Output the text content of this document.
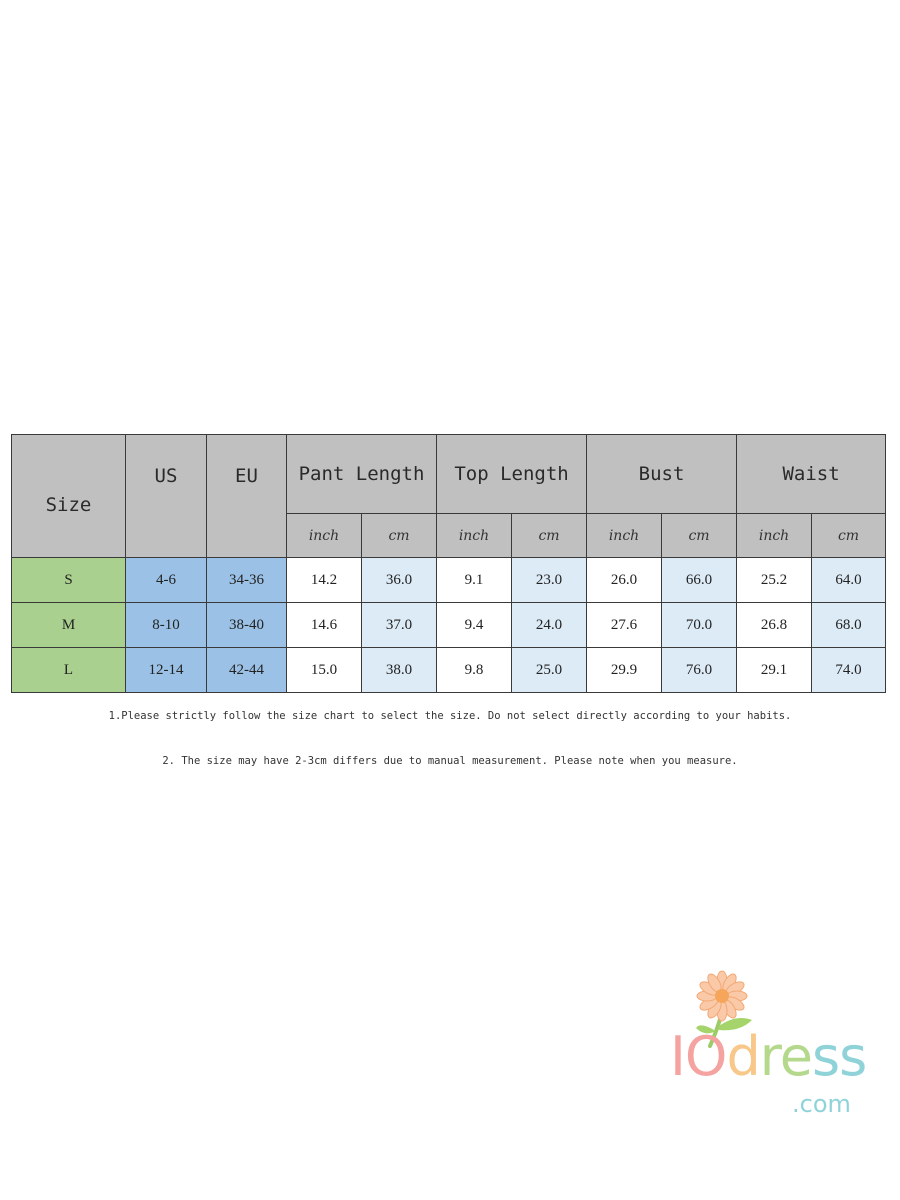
Size	US	EU	Pant Length		Top Length		Bust		Waist	
			inch	cm	inch	cm	inch	cm	inch	cm
S	4-6	34-36	14.2	36.0	9.1	23.0	26.0	66.0	25.2	64.0
M	8-10	38-40	14.6	37.0	9.4	24.0	27.6	70.0	26.8	68.0
L	12-14	42-44	15.0	38.0	9.8	25.0	29.9	76.0	29.1	74.0

1.Please strictly follow the size chart to select the size. Do not select directly according to your habits.

2. The size may have 2-3cm differs due to manual measurement. Please note when you measure.

IOdress
.com
